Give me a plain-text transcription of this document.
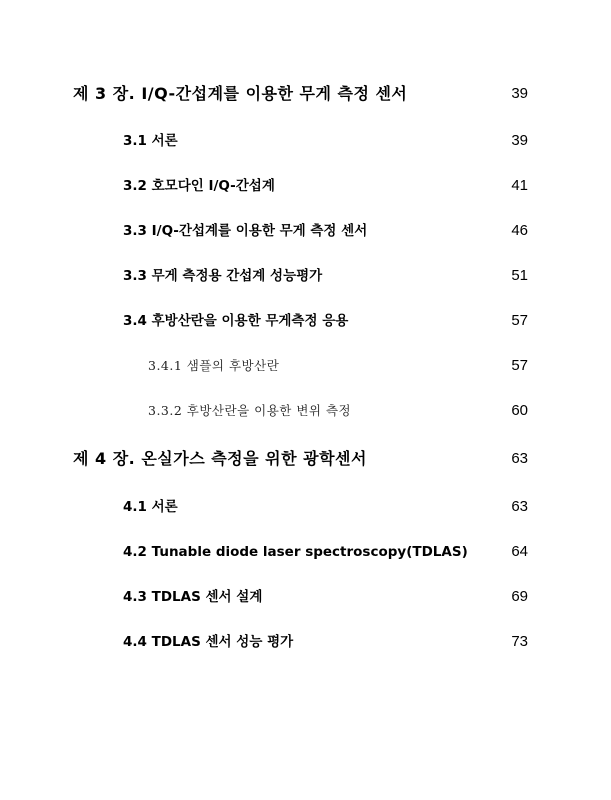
제 3 장. I/Q-간섭계를 이용한 무게 측정 센서	39
3.1 서론	39
3.2 호모다인 I/Q-간섭계	41
3.3 I/Q-간섭계를 이용한 무게 측정 센서	46
3.3 무게 측정용 간섭계 성능평가	51
3.4 후방산란을 이용한 무게측정 응용	57
3.4.1 샘플의 후방산란	57
3.3.2 후방산란을 이용한 변위 측정	60
제 4 장. 온실가스 측정을 위한 광학센서	63
4.1 서론	63
4.2 Tunable diode laser spectroscopy(TDLAS)	64
4.3 TDLAS 센서 설계	69
4.4 TDLAS 센서 성능 평가	73
